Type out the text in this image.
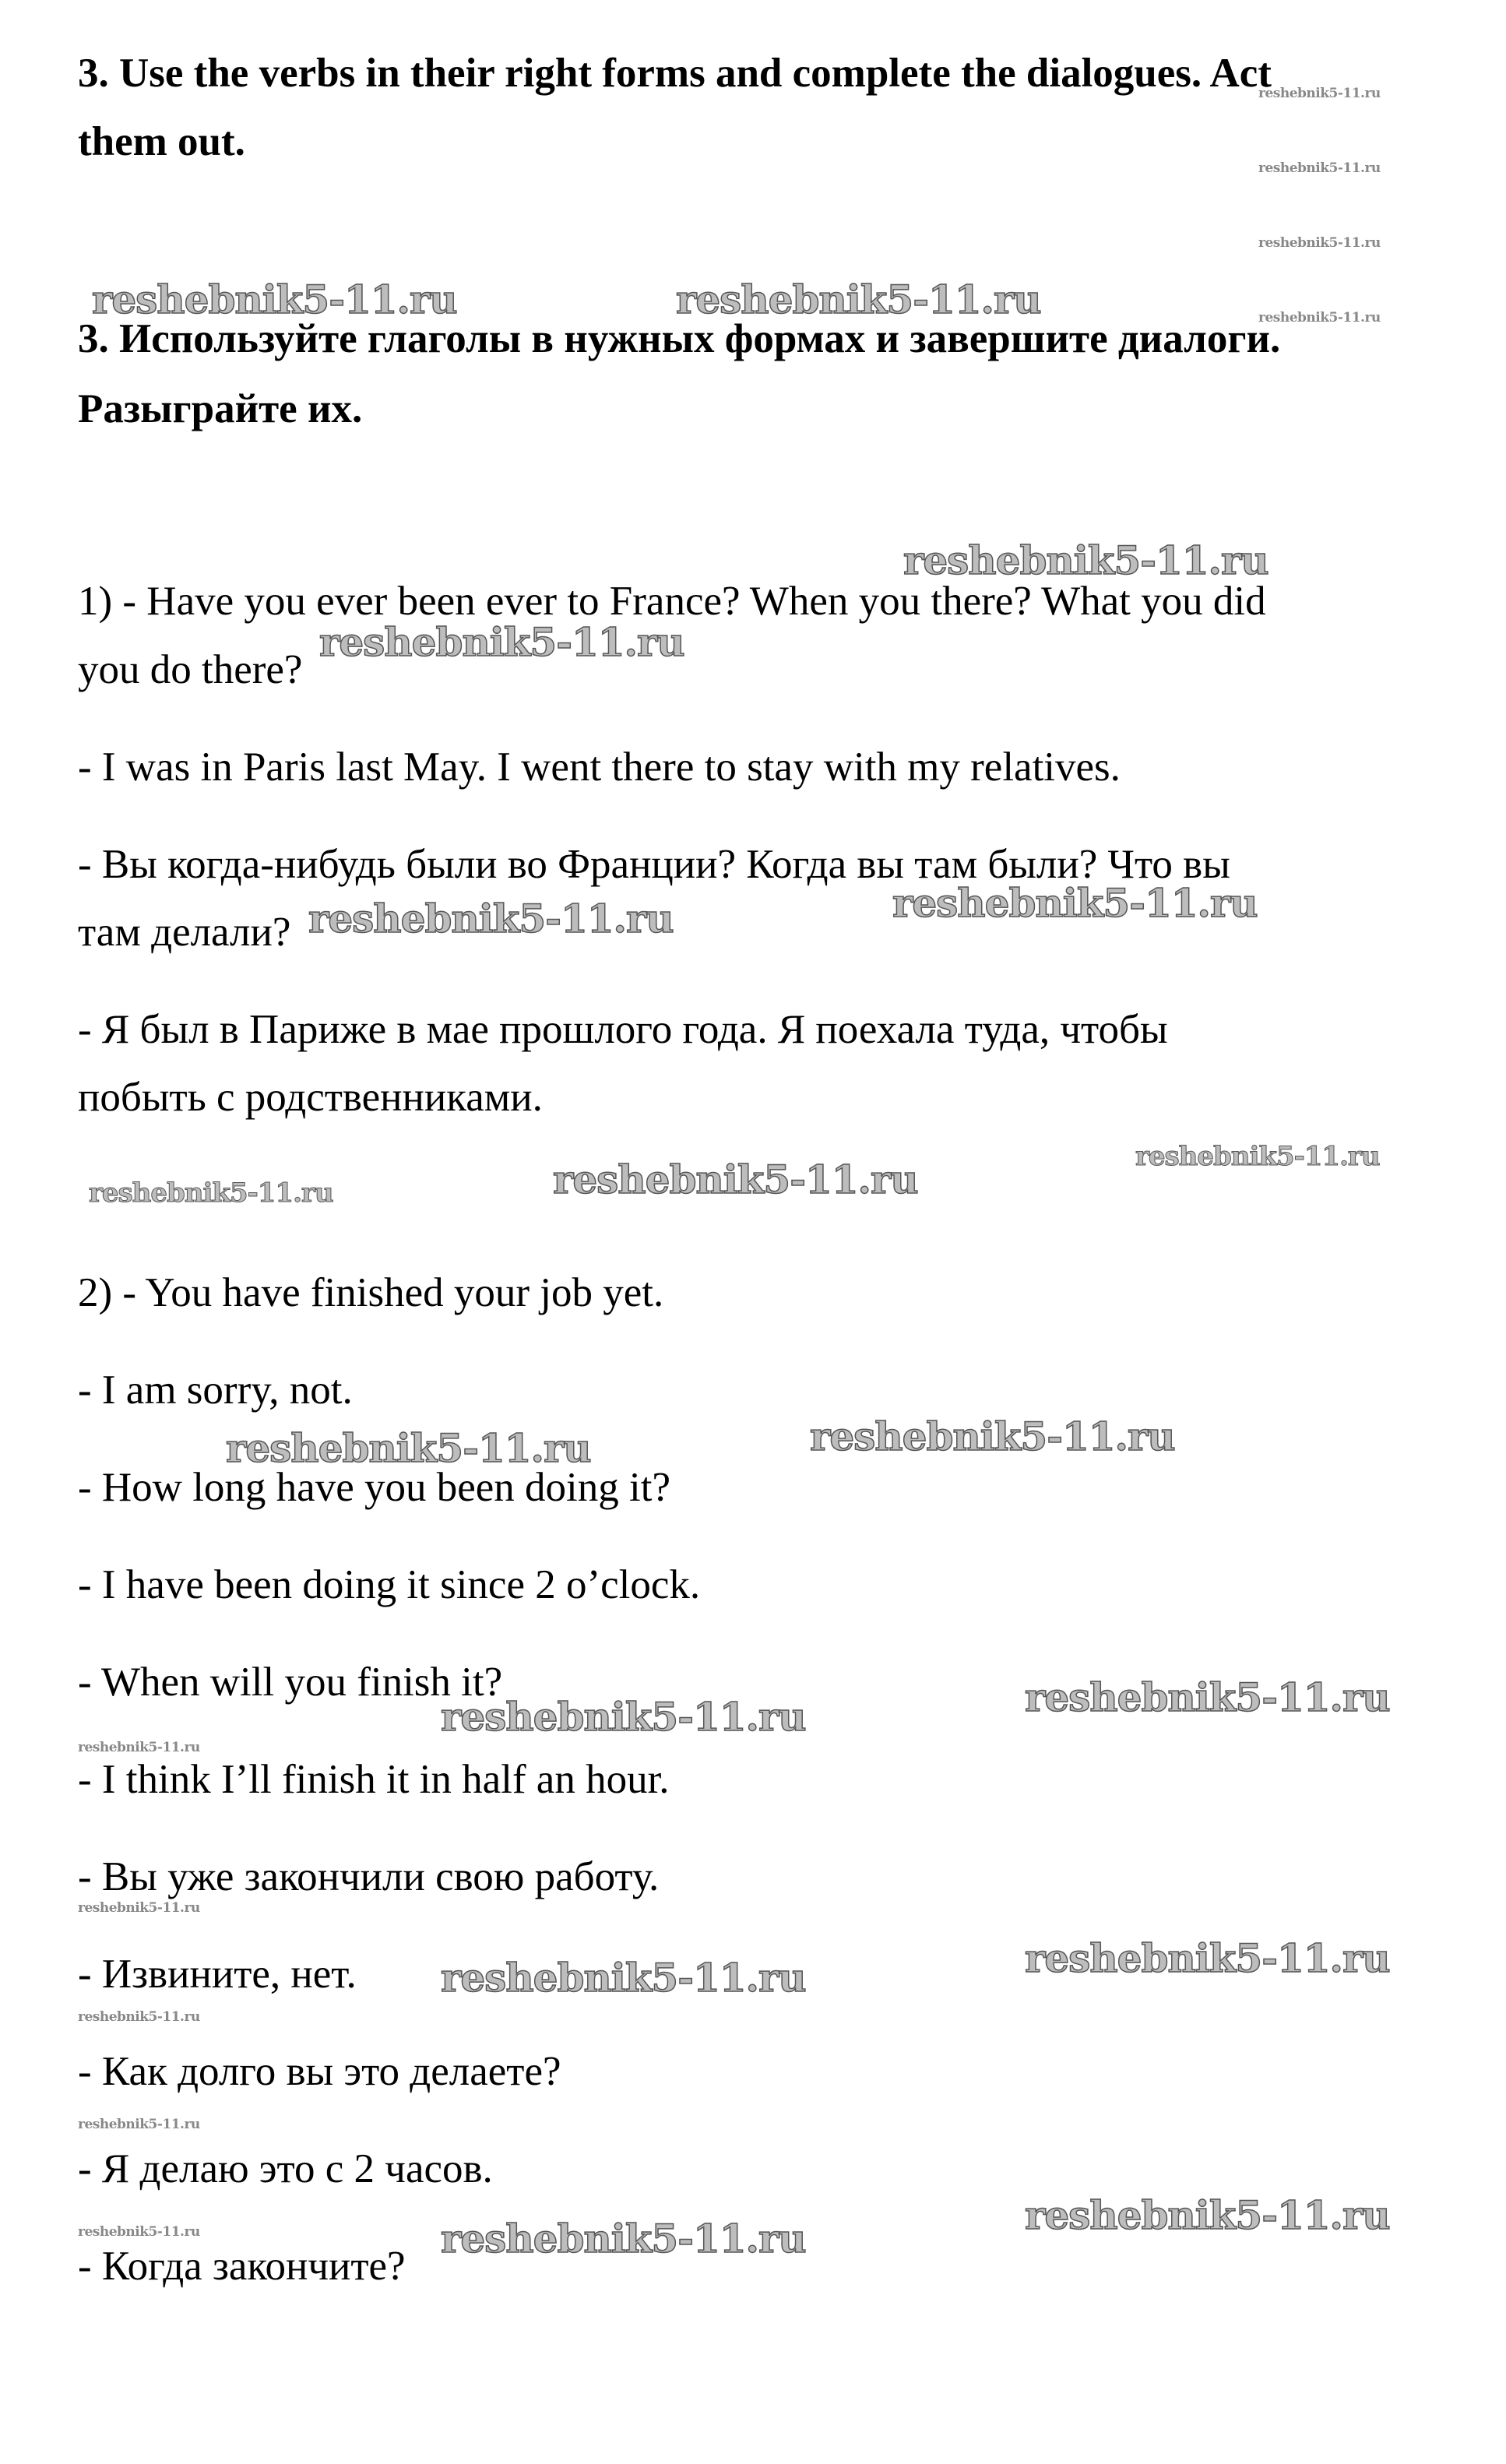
3. Use the verbs in their right forms and complete the dialogues. Act
them out.
3. Используйте глаголы в нужных формах и завершите диалоги.
Разыграйте их.
1) - Have you ever been ever to France? When you there? What you did
you do there?
- I was in Paris last May. I went there to stay with my relatives.
- Вы когда-нибудь были во Франции? Когда вы там были? Что вы
там делали?
- Я был в Париже в мае прошлого года. Я поехала туда, чтобы
побыть с родственниками.
2) - You have finished your job yet.
- I am sorry, not.
- How long have you been doing it?
- I have been doing it since 2 o’clock.
- When will you finish it?
- I think I’ll finish it in half an hour.
- Вы уже закончили свою работу.
- Извините, нет.
- Как долго вы это делаете?
- Я делаю это с 2 часов.
- Когда закончите?
reshebnik5-11.ru	reshebnik5-11.ru
reshebnik5-11.ru
reshebnik5-11.ru
reshebnik5-11.ru	reshebnik5-11.ru
reshebnik5-11.ru
reshebnik5-11.ru	reshebnik5-11.ru
reshebnik5-11.ru
reshebnik5-11.ru
reshebnik5-11.ru
reshebnik5-11.ru
reshebnik5-11.ru
reshebnik5-11.ru
reshebnik5-11.ru
reshebnik5-11.ru
reshebnik5-11.ru
reshebnik5-11.ru
reshebnik5-11.ru
reshebnik5-11.ru
reshebnik5-11.ru
reshebnik5-11.ru
reshebnik5-11.ru
reshebnik5-11.ru
reshebnik5-11.ru
